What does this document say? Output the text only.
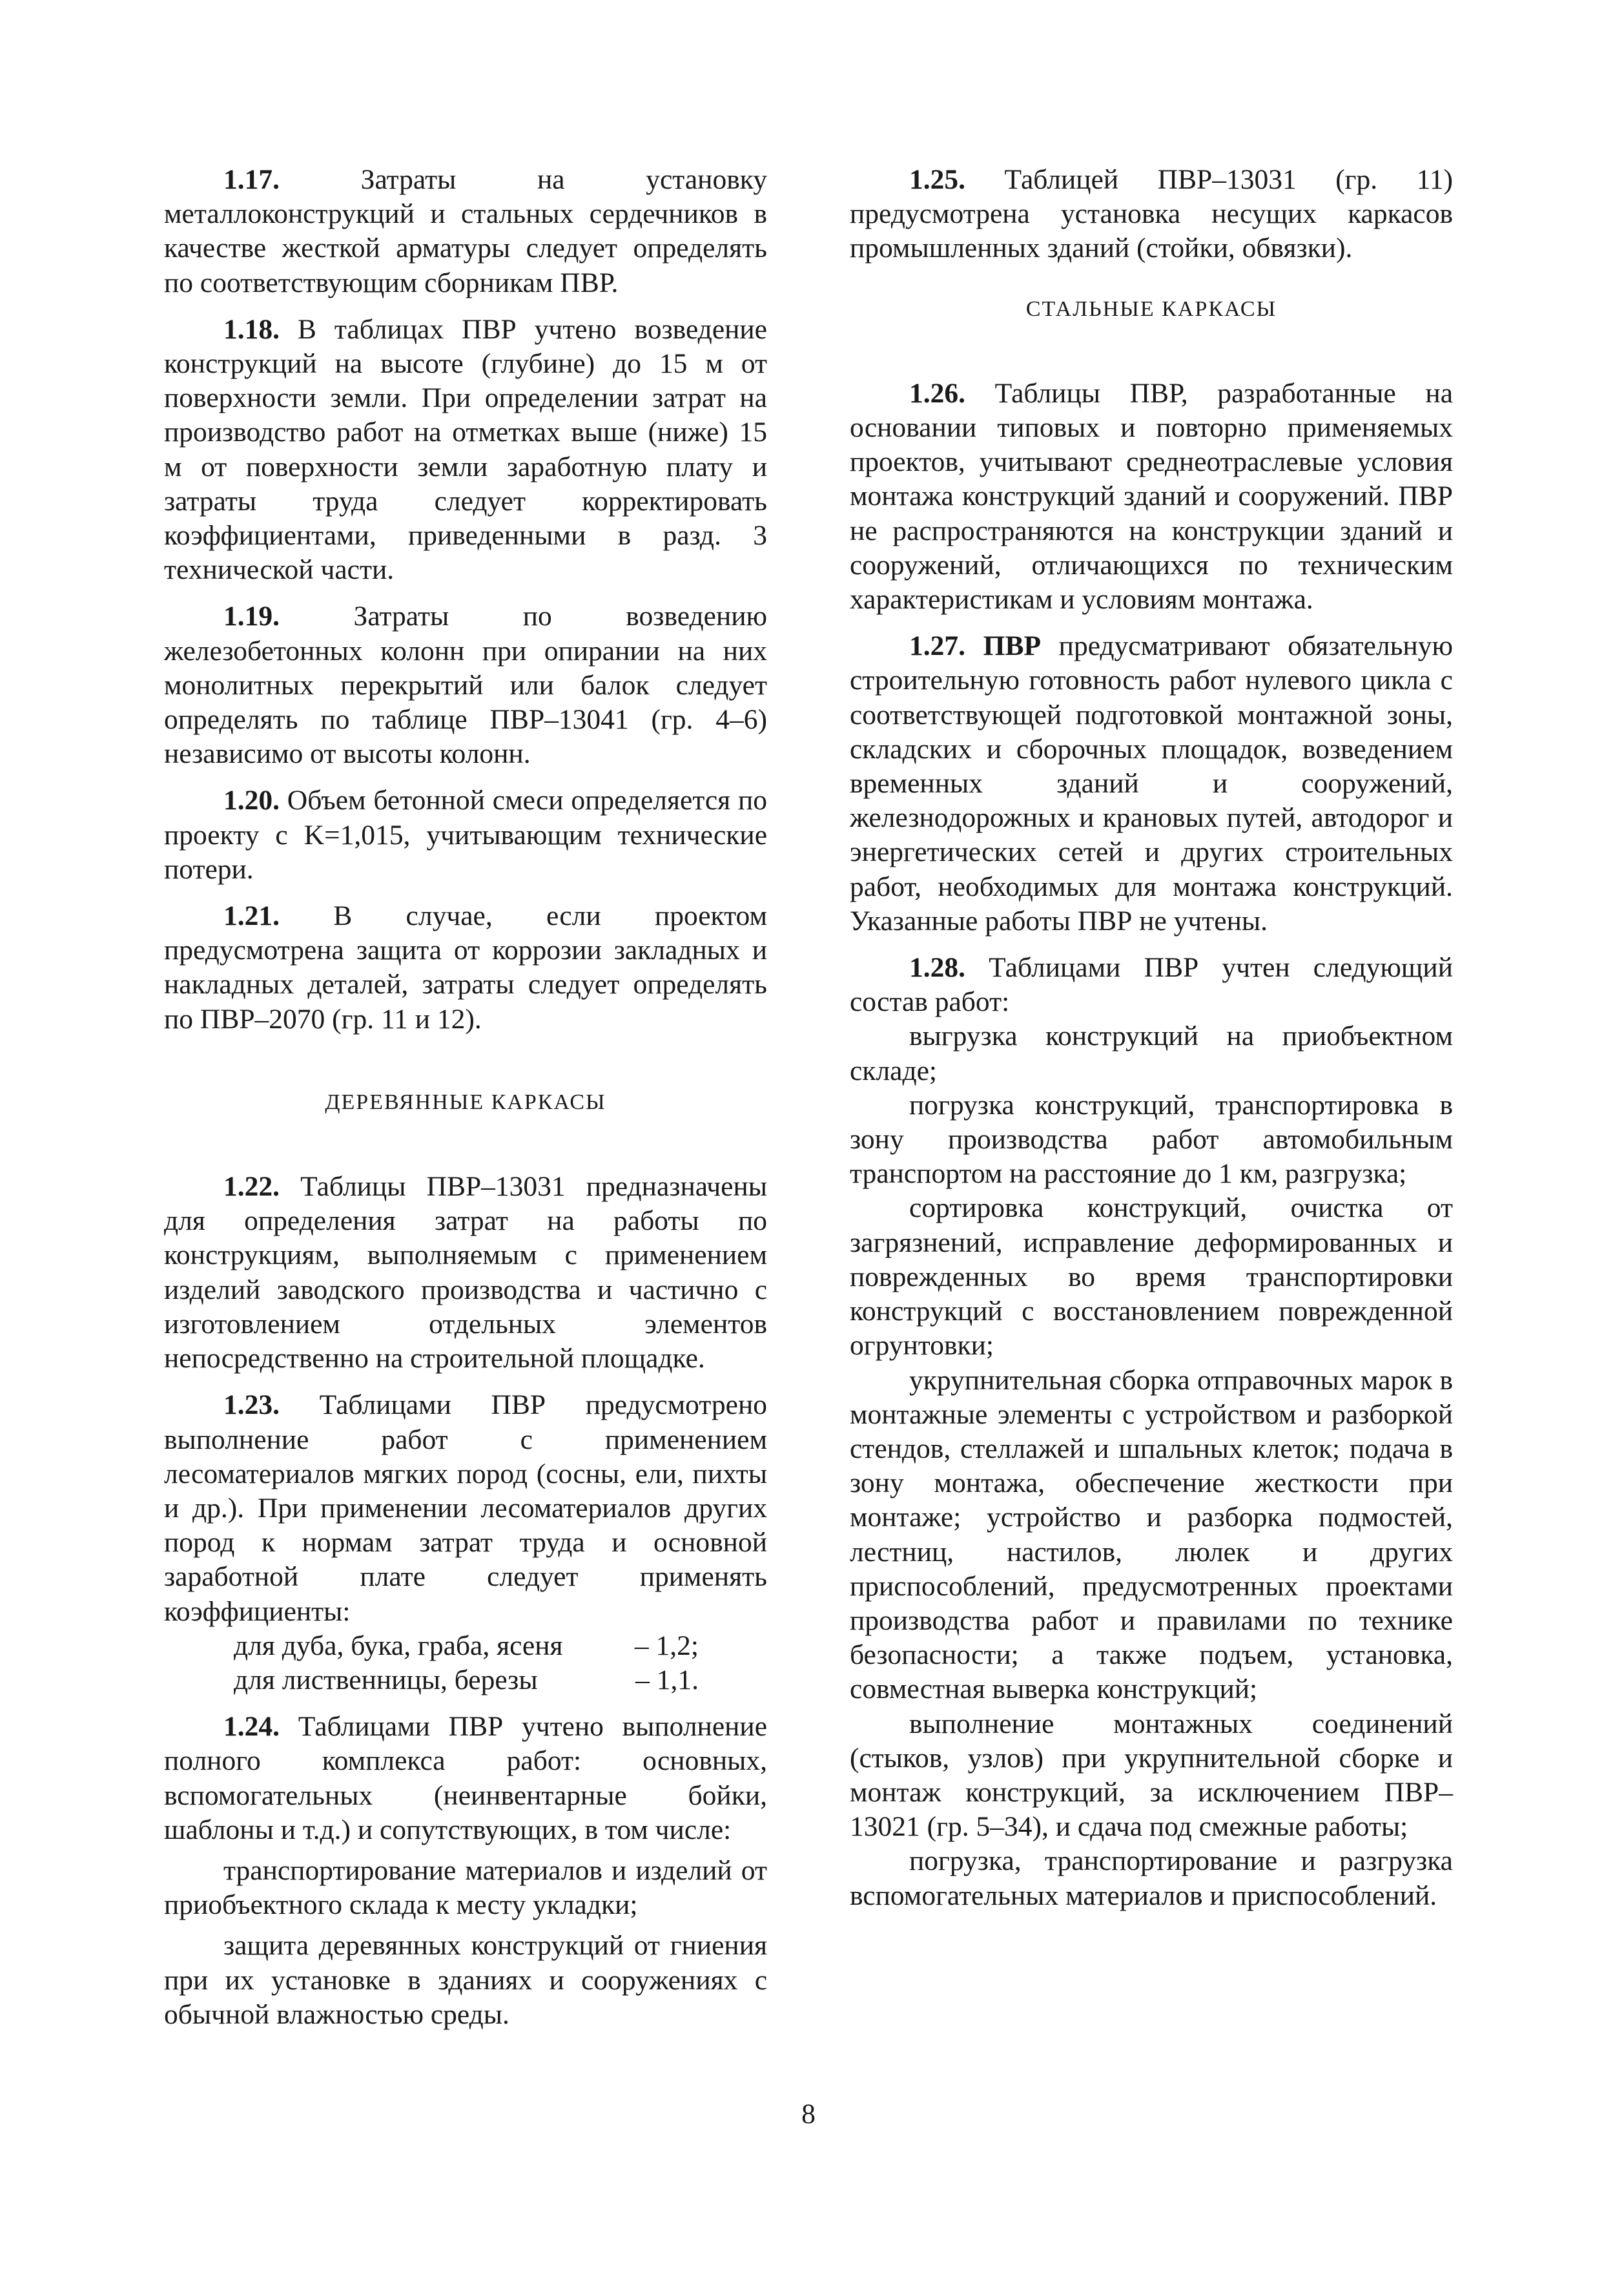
1.17. Затраты на установку металлоконструкций и стальных сердечников в качестве жесткой арматуры следует определять по соответствующим сборникам ПВР.

1.18. В таблицах ПВР учтено возведение конструкций на высоте (глубине) до 15 м от поверхности земли. При определении затрат на производство работ на отметках выше (ниже) 15 м от поверхности земли заработную плату и затраты труда следует корректировать коэффициентами, приведенными в разд. 3 технической части.

1.19. Затраты по возведению железобетонных колонн при опирании на них монолитных перекрытий или балок следует определять по таблице ПВР–13041 (гр. 4–6) независимо от высоты колонн.

1.20. Объем бетонной смеси определяется по проекту с K=1,015, учитывающим технические потери.

1.21. В случае, если проектом предусмотрена защита от коррозии закладных и накладных деталей, затраты следует определять по ПВР–2070 (гр. 11 и 12).

ДЕРЕВЯННЫЕ КАРКАСЫ

1.22. Таблицы ПВР–13031 предназначены для определения затрат на работы по конструкциям, выполняемым с применением изделий заводского производства и частично с изготовлением отдельных элементов непосредственно на строительной площадке.

1.23. Таблицами ПВР предусмотрено выполнение работ с применением лесоматериалов мягких пород (сосны, ели, пихты и др.). При применении лесоматериалов других пород к нормам затрат труда и основной заработной плате следует применять коэффициенты:

для дуба, бука, граба, ясеня	– 1,2;
для лиственницы, березы	– 1,1.

1.24. Таблицами ПВР учтено выполнение полного комплекса работ: основных, вспомогательных (неинвентарные бойки, шаблоны и т.д.) и сопутствующих, в том числе:

транспортирование материалов и изделий от приобъектного склада к месту укладки;

защита деревянных конструкций от гниения при их установке в зданиях и сооружениях с обычной влажностью среды.

1.25. Таблицей ПВР–13031 (гр. 11) предусмотрена установка несущих каркасов промышленных зданий (стойки, обвязки).

СТАЛЬНЫЕ КАРКАСЫ

1.26. Таблицы ПВР, разработанные на основании типовых и повторно применяемых проектов, учитывают среднеотраслевые условия монтажа конструкций зданий и сооружений. ПВР не распространяются на конструкции зданий и сооружений, отличающихся по техническим характеристикам и условиям монтажа.

1.27. ПВР предусматривают обязательную строительную готовность работ нулевого цикла с соответствующей подготовкой монтажной зоны, складских и сборочных площадок, возведением временных зданий и сооружений, железнодорожных и крановых путей, автодорог и энергетических сетей и других строительных работ, необходимых для монтажа конструкций. Указанные работы ПВР не учтены.

1.28. Таблицами ПВР учтен следующий состав работ:

выгрузка конструкций на приобъектном складе;

погрузка конструкций, транспортировка в зону производства работ автомобильным транспортом на расстояние до 1 км, разгрузка;

сортировка конструкций, очистка от загрязнений, исправление деформированных и поврежденных во время транспортировки конструкций с восстановлением поврежденной огрунтовки;

укрупнительная сборка отправочных марок в монтажные элементы с устройством и разборкой стендов, стеллажей и шпальных клеток; подача в зону монтажа, обеспечение жесткости при монтаже; устройство и разборка подмостей, лестниц, настилов, люлек и других приспособлений, предусмотренных проектами производства работ и правилами по технике безопасности; а также подъем, установка, совместная выверка конструкций;

выполнение монтажных соединений (стыков, узлов) при укрупнительной сборке и монтаж конструкций, за исключением ПВР–13021 (гр. 5–34), и сдача под смежные работы;

погрузка, транспортирование и разгрузка вспомогательных материалов и приспособлений.

8
